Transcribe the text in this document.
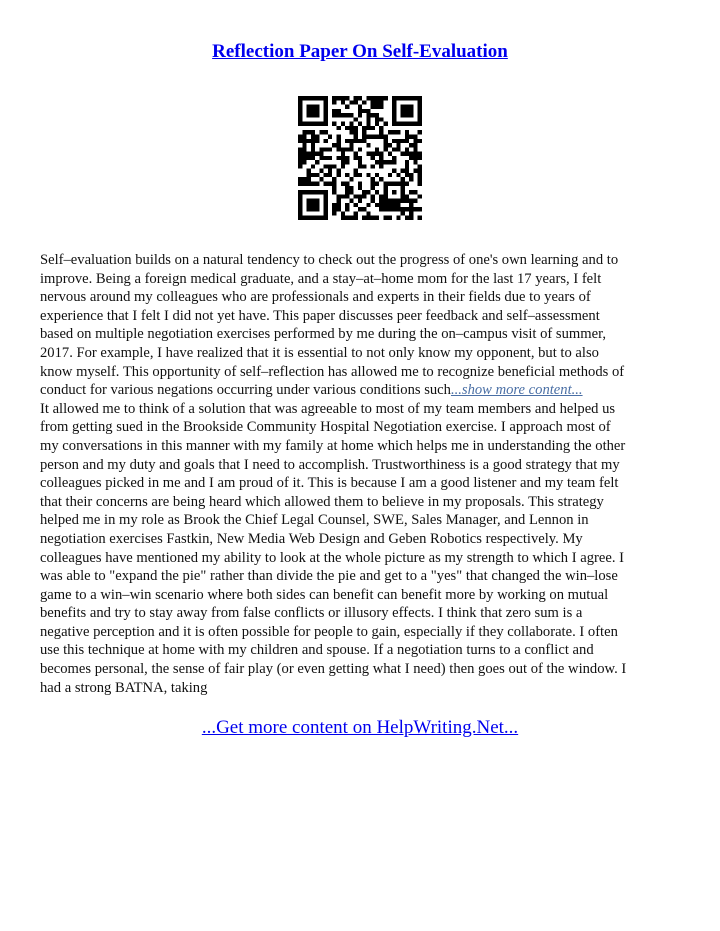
Reflection Paper On Self-Evaluation

Self–evaluation builds on a natural tendency to check out the progress of one's own learning and to
improve. Being a foreign medical graduate, and a stay–at–home mom for the last 17 years, I felt
nervous around my colleagues who are professionals and experts in their fields due to years of
experience that I felt I did not yet have. This paper discusses peer feedback and self–assessment
based on multiple negotiation exercises performed by me during the on–campus visit of summer,
2017. For example, I have realized that it is essential to not only know my opponent, but to also
know myself. This opportunity of self–reflection has allowed me to recognize beneficial methods of
conduct for various negations occurring under various conditions such...show more content...
It allowed me to think of a solution that was agreeable to most of my team members and helped us
from getting sued in the Brookside Community Hospital Negotiation exercise. I approach most of
my conversations in this manner with my family at home which helps me in understanding the other
person and my duty and goals that I need to accomplish. Trustworthiness is a good strategy that my
colleagues picked in me and I am proud of it. This is because I am a good listener and my team felt
that their concerns are being heard which allowed them to believe in my proposals. This strategy
helped me in my role as Brook the Chief Legal Counsel, SWE, Sales Manager, and Lennon in
negotiation exercises Fastkin, New Media Web Design and Geben Robotics respectively. My
colleagues have mentioned my ability to look at the whole picture as my strength to which I agree. I
was able to "expand the pie" rather than divide the pie and get to a "yes" that changed the win–lose
game to a win–win scenario where both sides can benefit can benefit more by working on mutual
benefits and try to stay away from false conflicts or illusory effects. I think that zero sum is a
negative perception and it is often possible for people to gain, especially if they collaborate. I often
use this technique at home with my children and spouse. If a negotiation turns to a conflict and
becomes personal, the sense of fair play (or even getting what I need) then goes out of the window. I
had a strong BATNA, taking

...Get more content on HelpWriting.Net...
